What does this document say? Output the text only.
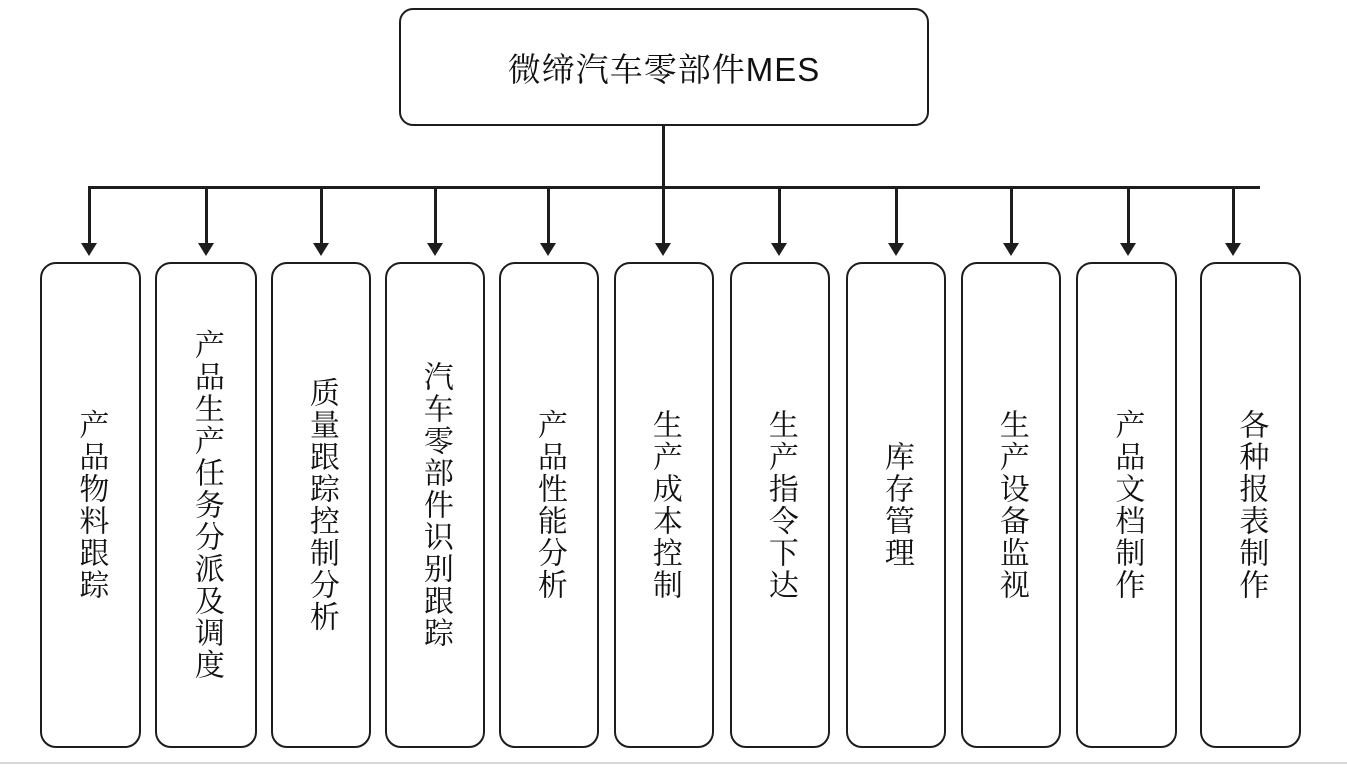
微缔汽车零部件MES
产品物料跟踪	产品生产任务分派及调度	质量跟踪控制分析	汽车零部件识别跟踪	产品性能分析	生产成本控制	生产指令下达	库存管理	生产设备监视	产品文档制作	各种报表制作
